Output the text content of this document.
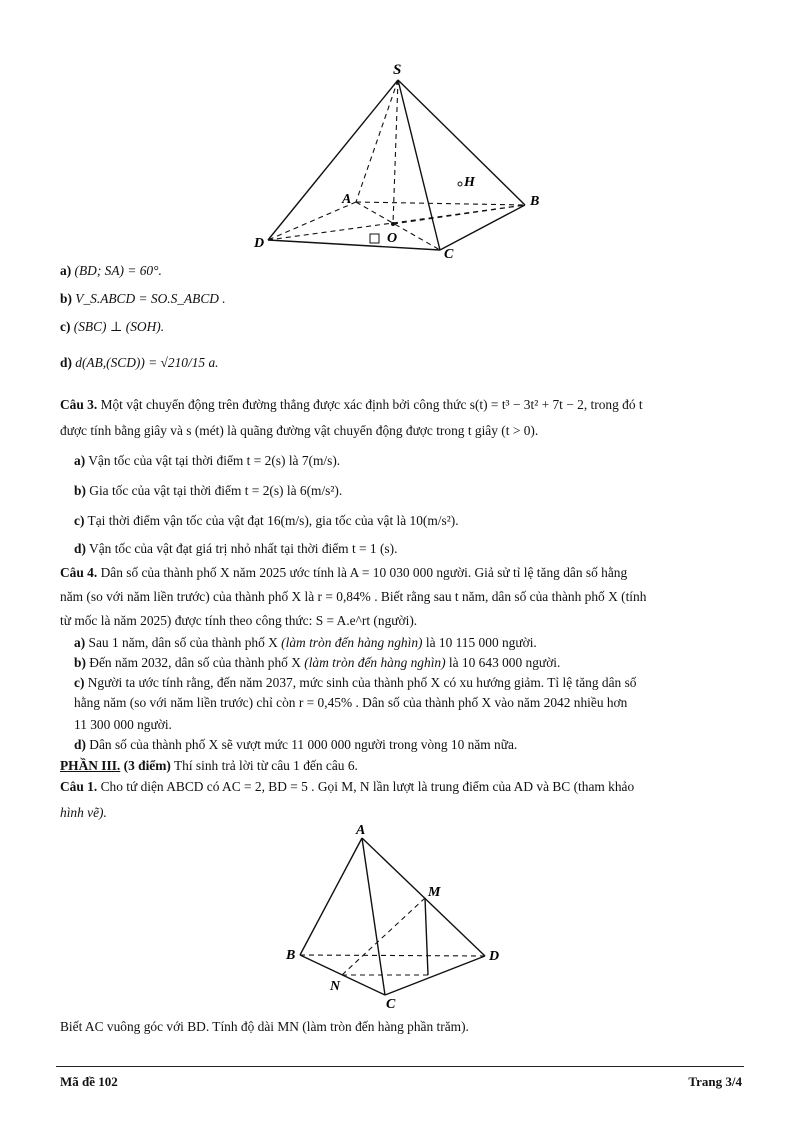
S
H
A	B
O
D
C
a) (BD; SA) = 60°.
b) V_S.ABCD = SO.S_ABCD .
c) (SBC) ⊥ (SOH).
d) d(AB,(SCD)) = √210/15 a.
Câu 3. Một vật chuyển động trên đường thẳng được xác định bởi công thức s(t) = t³ − 3t² + 7t − 2, trong đó t
được tính bằng giây và s (mét) là quãng đường vật chuyển động được trong t giây (t > 0).
a) Vận tốc của vật tại thời điểm t = 2(s) là 7(m/s).
b) Gia tốc của vật tại thời điểm t = 2(s) là 6(m/s²).
c) Tại thời điểm vận tốc của vật đạt 16(m/s), gia tốc của vật là 10(m/s²).
d) Vận tốc của vật đạt giá trị nhỏ nhất tại thời điểm t = 1 (s).
Câu 4. Dân số của thành phố X năm 2025 ước tính là A = 10 030 000 người. Giả sử tỉ lệ tăng dân số hằng
năm (so với năm liền trước) của thành phố X là r = 0,84% . Biết rằng sau t năm, dân số của thành phố X (tính
từ mốc là năm 2025) được tính theo công thức: S = A.e^rt (người).
a) Sau 1 năm, dân số của thành phố X (làm tròn đến hàng nghìn) là 10 115 000 người.
b) Đến năm 2032, dân số của thành phố X (làm tròn đến hàng nghìn) là 10 643 000 người.
c) Người ta ước tính rằng, đến năm 2037, mức sinh của thành phố X có xu hướng giảm. Tỉ lệ tăng dân số
hằng năm (so với năm liền trước) chỉ còn r = 0,45% . Dân số của thành phố X vào năm 2042 nhiều hơn
11 300 000 người.
d) Dân số của thành phố X sẽ vượt mức 11 000 000 người trong vòng 10 năm nữa.
PHẦN III. (3 điểm) Thí sinh trả lời từ câu 1 đến câu 6.
Câu 1. Cho tứ diện ABCD có AC = 2, BD = 5 . Gọi M, N lần lượt là trung điểm của AD và BC (tham khảo
hình vẽ).
A
M
B	D
N
C
Biết AC vuông góc với BD. Tính độ dài MN (làm tròn đến hàng phần trăm).
Mã đề 102	Trang 3/4
